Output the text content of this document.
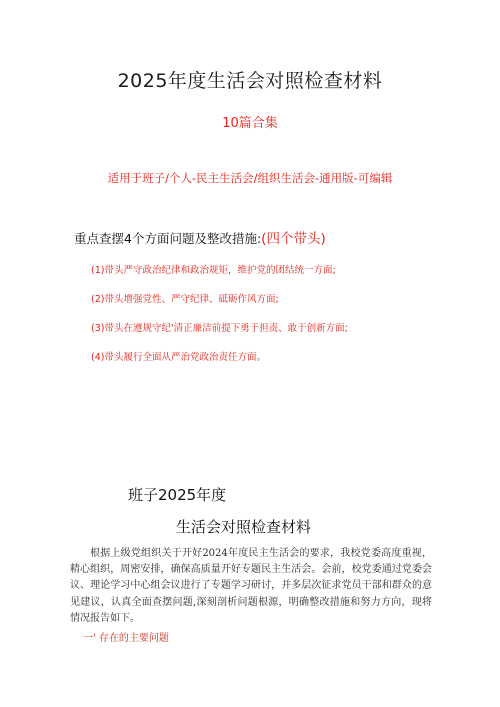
2025年度生活会对照检查材料
10篇合集
适用于班子/个人-民主生活会/组织生活会-通用版-可编辑
重点查摆4个方面问题及整改措施:(四个带头)
(1)带头严守政治纪律和政治规矩，维护党的团结统一方面;
(2)带头增强党性、严守纪律、砥砺作风方面;
(3)带头在遵规守纪'清正廉洁前提下勇于担责、敢于创新方面;
(4)带头履行全面从严治党政治责任方面。
班子2025年度
生活会对照检查材料

根据上级党组织关于开好2024年度民主生活会的要求，我校党委高度重视，精心组织，周密安排，确保高质量开好专题民主生活会。会前，校党委通过党委会议、理论学习中心组会议进行了专题学习研讨，并多层次征求党员干部和群众的意见建议，认真全面查摆问题,深刻剖析问题根源，明确整改措施和努力方向，现将情况报告如下。

一' 存在的主要问题
